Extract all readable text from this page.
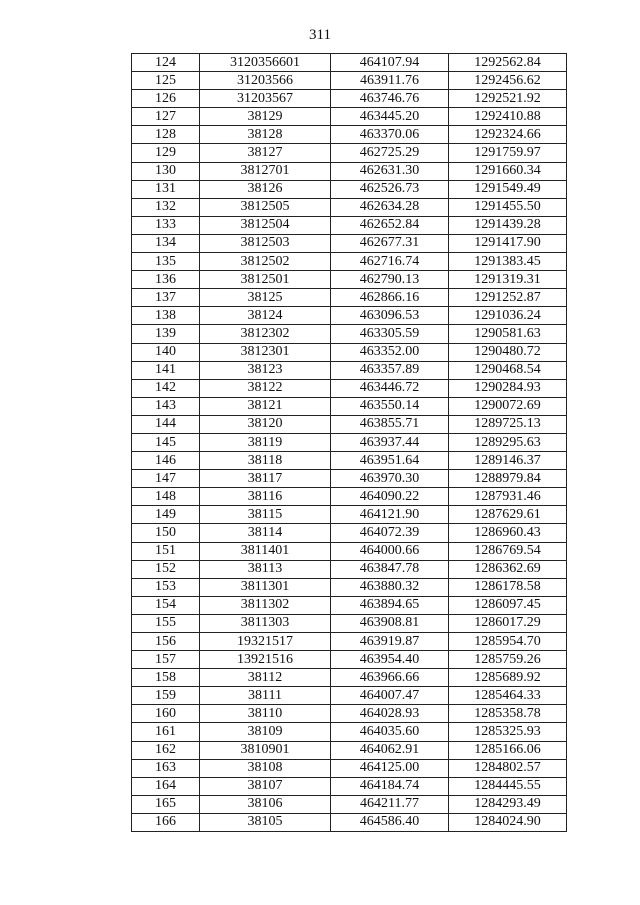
311
124	3120356601	464107.94	1292562.84
125	31203566	463911.76	1292456.62
126	31203567	463746.76	1292521.92
127	38129	463445.20	1292410.88
128	38128	463370.06	1292324.66
129	38127	462725.29	1291759.97
130	3812701	462631.30	1291660.34
131	38126	462526.73	1291549.49
132	3812505	462634.28	1291455.50
133	3812504	462652.84	1291439.28
134	3812503	462677.31	1291417.90
135	3812502	462716.74	1291383.45
136	3812501	462790.13	1291319.31
137	38125	462866.16	1291252.87
138	38124	463096.53	1291036.24
139	3812302	463305.59	1290581.63
140	3812301	463352.00	1290480.72
141	38123	463357.89	1290468.54
142	38122	463446.72	1290284.93
143	38121	463550.14	1290072.69
144	38120	463855.71	1289725.13
145	38119	463937.44	1289295.63
146	38118	463951.64	1289146.37
147	38117	463970.30	1288979.84
148	38116	464090.22	1287931.46
149	38115	464121.90	1287629.61
150	38114	464072.39	1286960.43
151	3811401	464000.66	1286769.54
152	38113	463847.78	1286362.69
153	3811301	463880.32	1286178.58
154	3811302	463894.65	1286097.45
155	3811303	463908.81	1286017.29
156	19321517	463919.87	1285954.70
157	13921516	463954.40	1285759.26
158	38112	463966.66	1285689.92
159	38111	464007.47	1285464.33
160	38110	464028.93	1285358.78
161	38109	464035.60	1285325.93
162	3810901	464062.91	1285166.06
163	38108	464125.00	1284802.57
164	38107	464184.74	1284445.55
165	38106	464211.77	1284293.49
166	38105	464586.40	1284024.90
